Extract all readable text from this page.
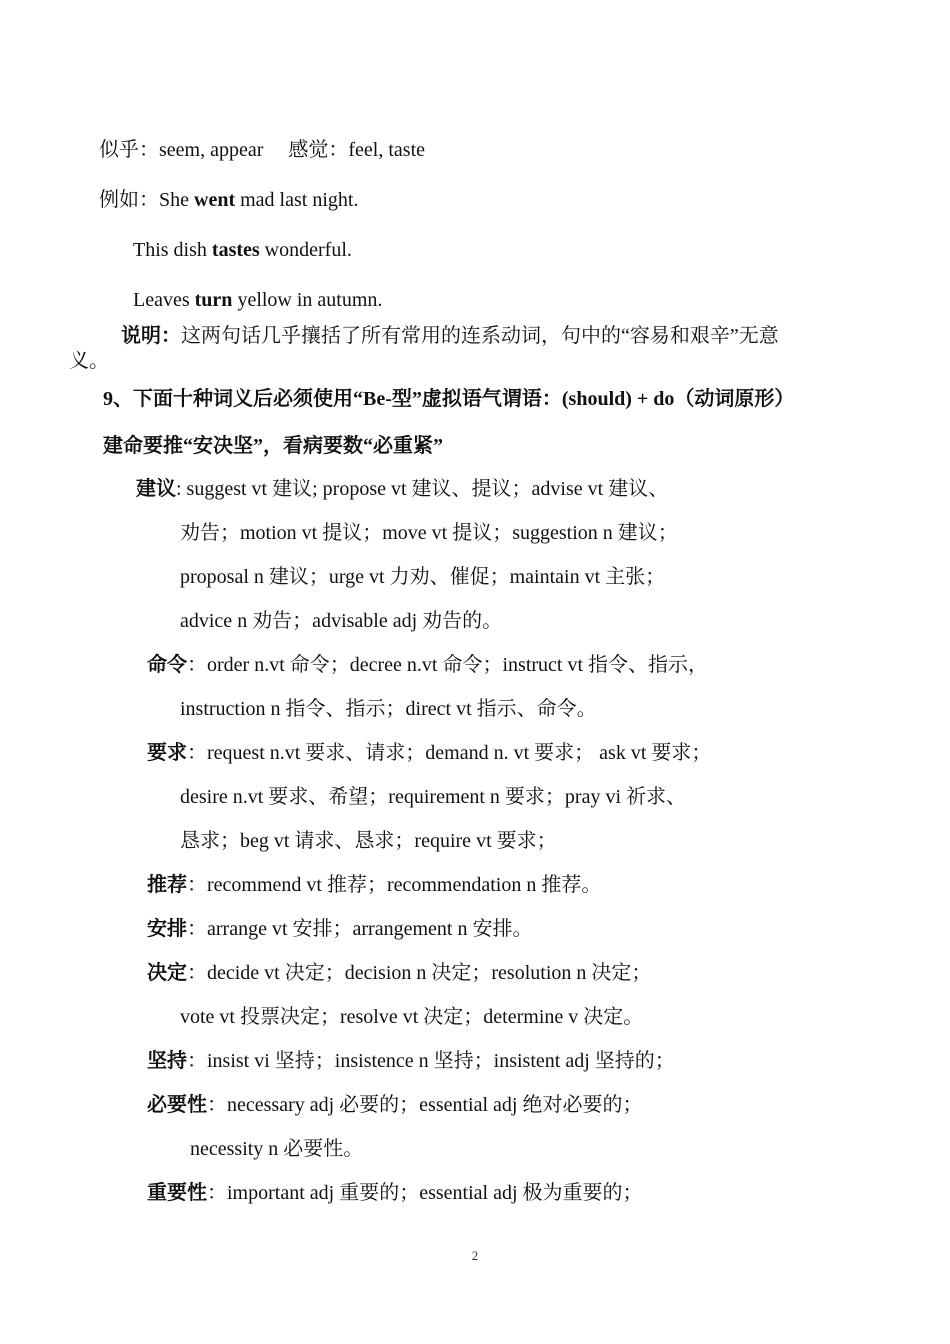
似乎：seem, appear　 感觉：feel, taste
例如：She went mad last night.
This dish tastes wonderful.
Leaves turn yellow in autumn.
说明：这两句话几乎攘括了所有常用的连系动词，句中的“容易和艰辛”无意
义。
9、下面十种词义后必须使用“Be-型”虚拟语气谓语：(should) + do（动词原形）
建命要推“安决坚”，看病要数“必重紧”
建议: suggest vt 建议; propose vt 建议、提议；advise vt 建议、
劝告；motion vt 提议；move vt 提议；suggestion n 建议；
proposal n 建议；urge vt 力劝、催促；maintain vt 主张；
advice n 劝告；advisable adj 劝告的。
命令：order n.vt 命令；decree n.vt 命令；instruct vt 指令、指示，
instruction n 指令、指示；direct vt 指示、命令。
要求：request n.vt 要求、请求；demand n. vt 要求； ask vt 要求；
desire n.vt 要求、希望；requirement n 要求；pray vi 祈求、
恳求；beg vt 请求、恳求；require vt 要求；
推荐：recommend vt 推荐；recommendation n 推荐。
安排：arrange vt 安排；arrangement n 安排。
决定：decide vt 决定；decision n 决定；resolution n 决定；
vote vt 投票决定；resolve vt 决定；determine v 决定。
坚持：insist vi 坚持；insistence n 坚持；insistent adj 坚持的；
必要性：necessary adj 必要的；essential adj 绝对必要的；
necessity n 必要性。
重要性：important adj 重要的；essential adj 极为重要的；
2
